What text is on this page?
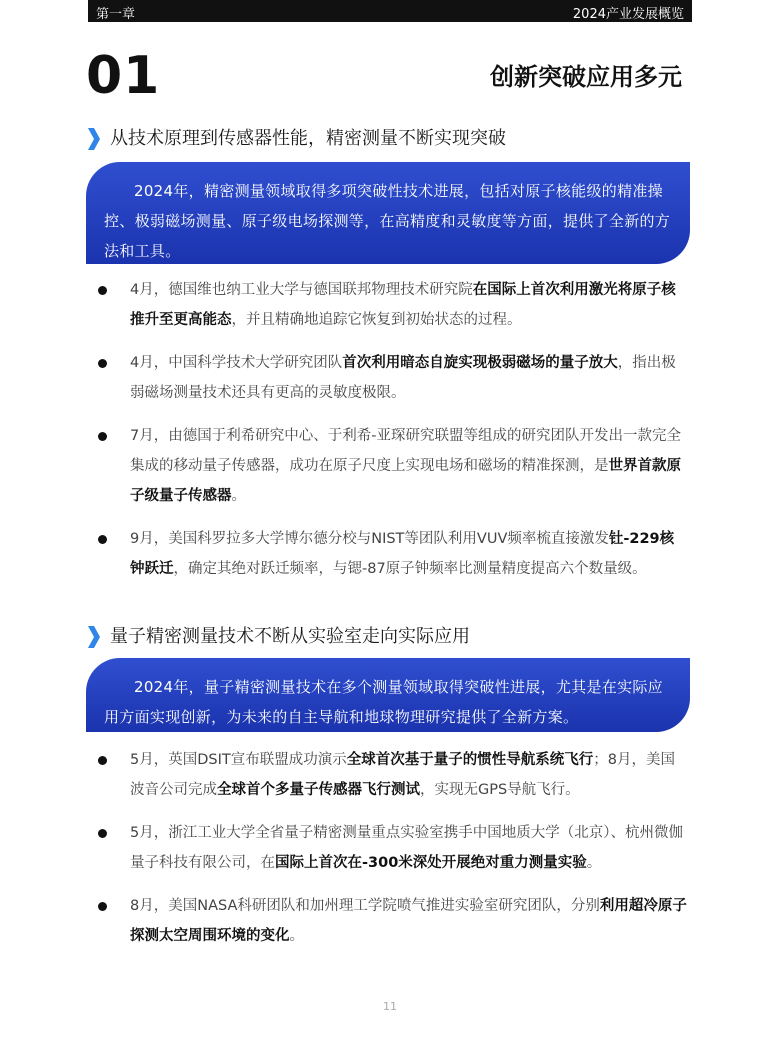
第一章	2024产业发展概览
01	创新突破应用多元
从技术原理到传感器性能，精密测量不断实现突破
2024年，精密测量领域取得多项突破性技术进展，包括对原子核能级的精准操控、极弱磁场测量、原子级电场探测等，在高精度和灵敏度等方面，提供了全新的方法和工具。
4月，德国维也纳工业大学与德国联邦物理技术研究院在国际上首次利用激光将原子核推升至更高能态，并且精确地追踪它恢复到初始状态的过程。
4月，中国科学技术大学研究团队首次利用暗态自旋实现极弱磁场的量子放大，指出极弱磁场测量技术还具有更高的灵敏度极限。
7月，由德国于利希研究中心、于利希-亚琛研究联盟等组成的研究团队开发出一款完全集成的移动量子传感器，成功在原子尺度上实现电场和磁场的精准探测，是世界首款原子级量子传感器。
9月，美国科罗拉多大学博尔德分校与NIST等团队利用VUV频率梳直接激发钍-229核钟跃迁，确定其绝对跃迁频率，与锶-87原子钟频率比测量精度提高六个数量级。
量子精密测量技术不断从实验室走向实际应用
2024年，量子精密测量技术在多个测量领域取得突破性进展，尤其是在实际应用方面实现创新，为未来的自主导航和地球物理研究提供了全新方案。
5月，英国DSIT宣布联盟成功演示全球首次基于量子的惯性导航系统飞行；8月，美国波音公司完成全球首个多量子传感器飞行测试，实现无GPS导航飞行。
5月，浙江工业大学全省量子精密测量重点实验室携手中国地质大学（北京）、杭州微伽量子科技有限公司，在国际上首次在-300米深处开展绝对重力测量实验。
8月，美国NASA科研团队和加州理工学院喷气推进实验室研究团队，分别利用超冷原子探测太空周围环境的变化。
11
